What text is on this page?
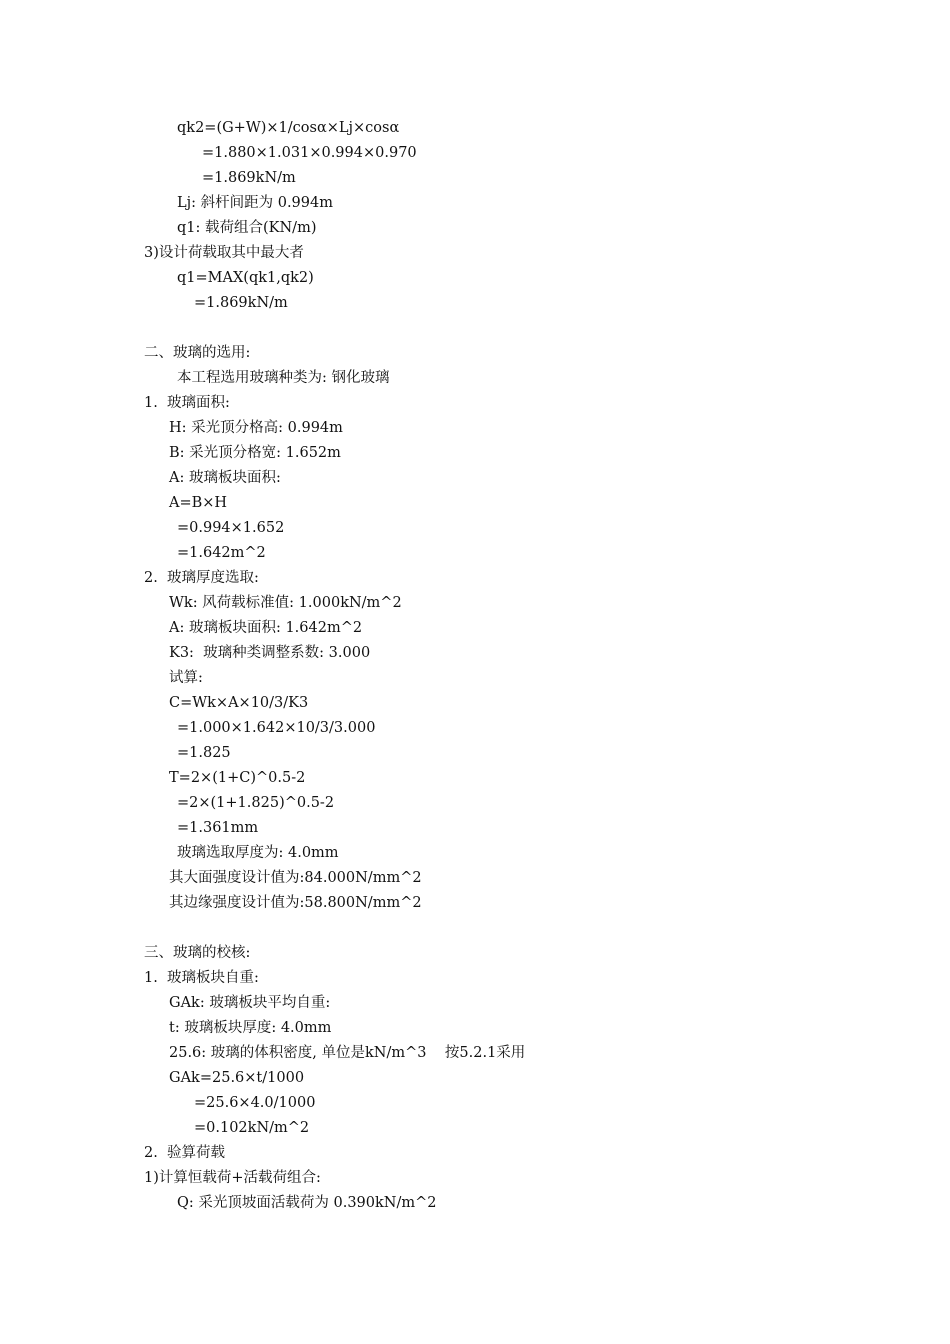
qk2=(G+W)×1/cosα×Lj×cosα
=1.880×1.031×0.994×0.970
=1.869kN/m
Lj: 斜杆间距为 0.994m
q1: 载荷组合(KN/m)
3)设计荷载取其中最大者
q1=MAX(qk1,qk2)
=1.869kN/m
二、玻璃的选用:
本工程选用玻璃种类为: 钢化玻璃
1.  玻璃面积:
H: 采光顶分格高: 0.994m
B: 采光顶分格宽: 1.652m
A: 玻璃板块面积:
A=B×H
=0.994×1.652
=1.642m^2
2.  玻璃厚度选取:
Wk: 风荷载标准值: 1.000kN/m^2
A: 玻璃板块面积: 1.642m^2
K3:  玻璃种类调整系数: 3.000
试算:
C=Wk×A×10/3/K3
=1.000×1.642×10/3/3.000
=1.825
T=2×(1+C)^0.5-2
=2×(1+1.825)^0.5-2
=1.361mm
玻璃选取厚度为: 4.0mm
其大面强度设计值为:84.000N/mm^2
其边缘强度设计值为:58.800N/mm^2
三、玻璃的校核:
1.  玻璃板块自重:
GAk: 玻璃板块平均自重:
t: 玻璃板块厚度: 4.0mm
25.6: 玻璃的体积密度, 单位是kN/m^3    按5.2.1采用
GAk=25.6×t/1000
=25.6×4.0/1000
=0.102kN/m^2
2.  验算荷载
1)计算恒载荷+活载荷组合:
Q: 采光顶坡面活载荷为 0.390kN/m^2
